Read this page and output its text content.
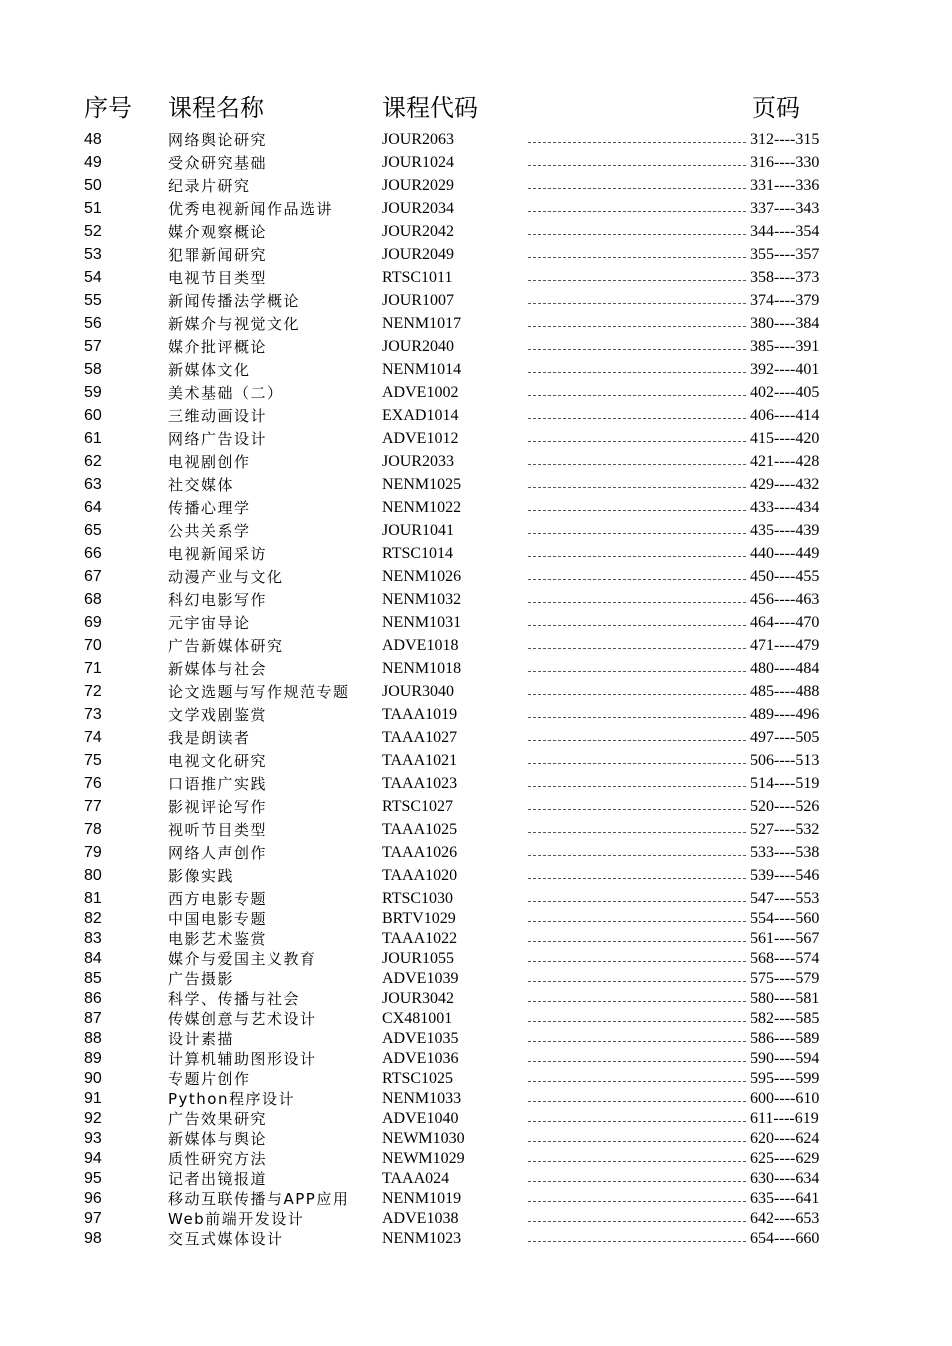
序号 课程名称	课程代码	页码
48	网络舆论研究	JOUR2063	312----315
49	受众研究基础	JOUR1024	316----330
50	纪录片研究	JOUR2029	331----336
51	优秀电视新闻作品选讲	JOUR2034	337----343
52	媒介观察概论	JOUR2042	344----354
53	犯罪新闻研究	JOUR2049	355----357
54	电视节目类型	RTSC1011	358----373
55	新闻传播法学概论	JOUR1007	374----379
56	新媒介与视觉文化	NENM1017	380----384
57	媒介批评概论	JOUR2040	385----391
58	新媒体文化	NENM1014	392----401
59	美术基础（二）	ADVE1002	402----405
60	三维动画设计	EXAD1014	406----414
61	网络广告设计	ADVE1012	415----420
62	电视剧创作	JOUR2033	421----428
63	社交媒体	NENM1025	429----432
64	传播心理学	NENM1022	433----434
65	公共关系学	JOUR1041	435----439
66	电视新闻采访	RTSC1014	440----449
67	动漫产业与文化	NENM1026	450----455
68	科幻电影写作	NENM1032	456----463
69	元宇宙导论	NENM1031	464----470
70	广告新媒体研究	ADVE1018	471----479
71	新媒体与社会	NENM1018	480----484
72	论文选题与写作规范专题 JOUR3040	485----488
73	文学戏剧鉴赏	TAAA1019	489----496
74	我是朗读者	TAAA1027	497----505
75	电视文化研究	TAAA1021	506----513
76	口语推广实践	TAAA1023	514----519
77	影视评论写作	RTSC1027	520----526
78	视听节目类型	TAAA1025	527----532
79	网络人声创作	TAAA1026	533----538
80	影像实践	TAAA1020	539----546
81	西方电影专题	RTSC1030	547----553
82	中国电影专题	BRTV1029	554----560
83	电影艺术鉴赏	TAAA1022	561----567
84	媒介与爱国主义教育	JOUR1055	568----574
85	广告摄影	ADVE1039	575----579
86	科学、传播与社会	JOUR3042	580----581
87	传媒创意与艺术设计	CX481001	582----585
88	设计素描	ADVE1035	586----589
89	计算机辅助图形设计	ADVE1036	590----594
90	专题片创作	RTSC1025	595----599
91	Python程序设计	NENM1033	600----610
92	广告效果研究	ADVE1040	611----619
93	新媒体与舆论	NEWM1030	620----624
94	质性研究方法	NEWM1029	625----629
95	记者出镜报道	TAAA024	630----634
96	移动互联传播与APP应用 NENM1019	635----641
97	Web前端开发设计	ADVE1038	642----653
98	交互式媒体设计	NENM1023	654----660
